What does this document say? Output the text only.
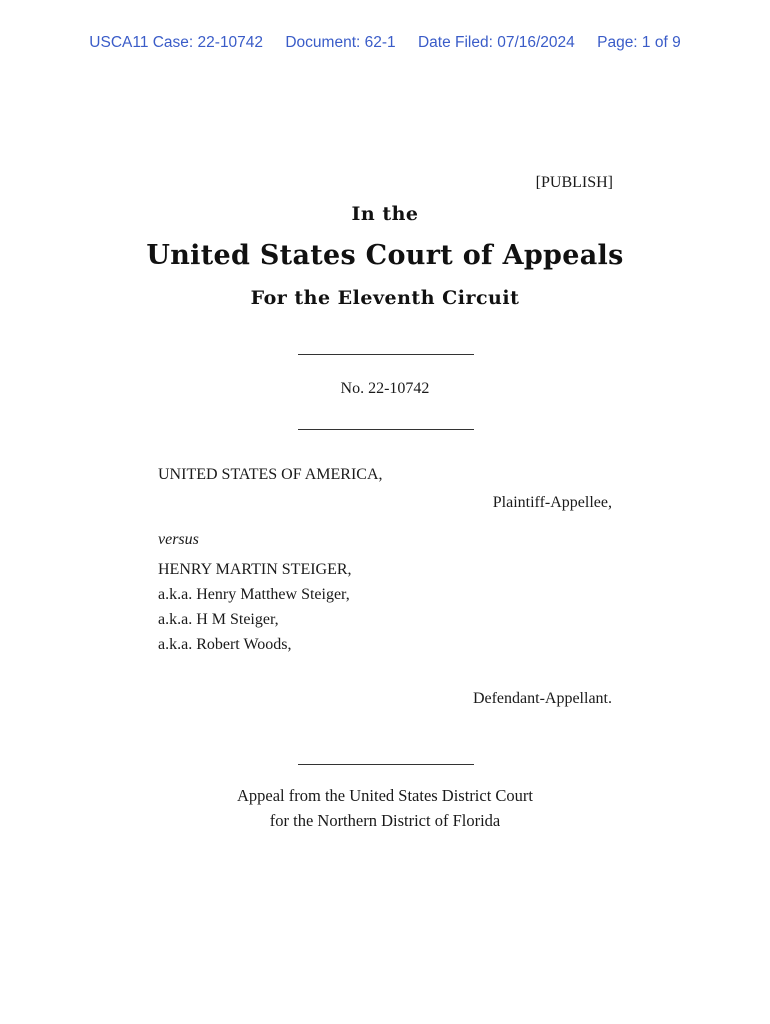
USCA11 Case: 22-10742 Document: 62-1 Date Filed: 07/16/2024 Page: 1 of 9
[PUBLISH]
In the
United States Court of Appeals
For the Eleventh Circuit
No. 22-10742
UNITED STATES OF AMERICA,
Plaintiff-Appellee,
versus
HENRY MARTIN STEIGER,
a.k.a. Henry Matthew Steiger,
a.k.a. H M Steiger,
a.k.a. Robert Woods,
Defendant-Appellant.
Appeal from the United States District Court
for the Northern District of Florida
